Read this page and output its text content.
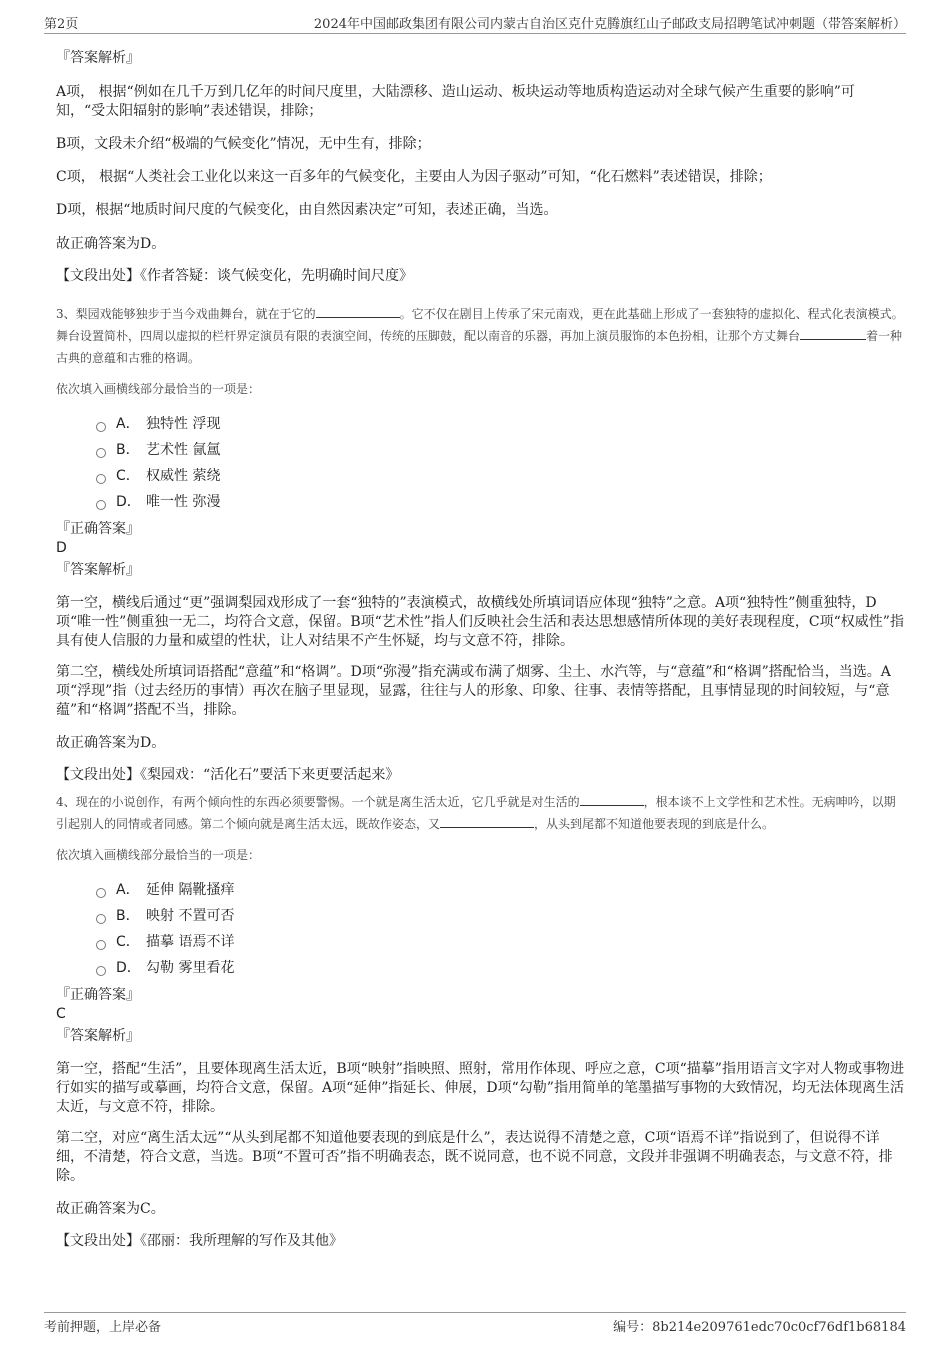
第2页	2024年中国邮政集团有限公司内蒙古自治区克什克腾旗红山子邮政支局招聘笔试冲刺题（带答案解析）

『答案解析』

A项， 根据“例如在几千万到几亿年的时间尺度里，大陆漂移、造山运动、板块运动等地质构造运动对全球气候产生重要的影响”可知，“受太阳辐射的影响”表述错误，排除；

B项，文段未介绍“极端的气候变化”情况，无中生有，排除；

C项， 根据“人类社会工业化以来这一百多年的气候变化，主要由人为因子驱动”可知，“化石燃料”表述错误，排除；

D项，根据“地质时间尺度的气候变化，由自然因素决定”可知，表述正确，当选。

故正确答案为D。

【文段出处】《作者答疑：谈气候变化，先明确时间尺度》

3、梨园戏能够独步于当今戏曲舞台，就在于它的	。它不仅在剧目上传承了宋元南戏，更在此基础上形成了一套独特的虚拟化、程式化表演模式。舞台设置简朴，四周以虚拟的栏杆界定演员有限的表演空间，传统的压脚鼓，配以南音的乐器，再加上演员服饰的本色扮相，让那个方丈舞台	着一种古典的意蕴和古雅的格调。

依次填入画横线部分最恰当的一项是：

A． 独特性 浮现
B． 艺术性 氤氲
C． 权威性 萦绕
D． 唯一性 弥漫

『正确答案』

D

『答案解析』

第一空，横线后通过“更”强调梨园戏形成了一套“独特的”表演模式，故横线处所填词语应体现“独特”之意。A项“独特性”侧重独特，D项“唯一性”侧重独一无二，均符合文意，保留。B项“艺术性”指人们反映社会生活和表达思想感情所体现的美好表现程度，C项“权威性”指具有使人信服的力量和威望的性状，让人对结果不产生怀疑，均与文意不符，排除。

第二空，横线处所填词语搭配“意蕴”和“格调”。D项“弥漫”指充满或布满了烟雾、尘土、水汽等，与“意蕴”和“格调”搭配恰当，当选。A项“浮现”指（过去经历的事情）再次在脑子里显现，显露，往往与人的形象、印象、往事、表情等搭配，且事情显现的时间较短，与“意蕴”和“格调”搭配不当，排除。

故正确答案为D。

【文段出处】《梨园戏：“活化石”要活下来更要活起来》

4、现在的小说创作，有两个倾向性的东西必须要警惕。一个就是离生活太近，它几乎就是对生活的	，根本谈不上文学性和艺术性。无病呻吟，以期引起别人的同情或者同感。第二个倾向就是离生活太远，既故作姿态，又	，从头到尾都不知道他要表现的到底是什么。

依次填入画横线部分最恰当的一项是：

A． 延伸 隔靴搔痒
B． 映射 不置可否
C． 描摹 语焉不详
D． 勾勒 雾里看花

『正确答案』

C

『答案解析』

第一空，搭配“生活”，且要体现离生活太近，B项“映射”指映照、照射，常用作体现、呼应之意，C项“描摹”指用语言文字对人物或事物进行如实的描写或摹画，均符合文意，保留。A项“延伸”指延长、伸展，D项“勾勒”指用简单的笔墨描写事物的大致情况，均无法体现离生活太近，与文意不符，排除。

第二空，对应“离生活太远”“从头到尾都不知道他要表现的到底是什么”，表达说得不清楚之意，C项“语焉不详”指说到了，但说得不详细，不清楚，符合文意，当选。B项“不置可否”指不明确表态，既不说同意，也不说不同意，文段并非强调不明确表态，与文意不符，排除。

故正确答案为C。

【文段出处】《邵丽：我所理解的写作及其他》

考前押题，上岸必备	编号：8b214e209761edc70c0cf76df1b68184
